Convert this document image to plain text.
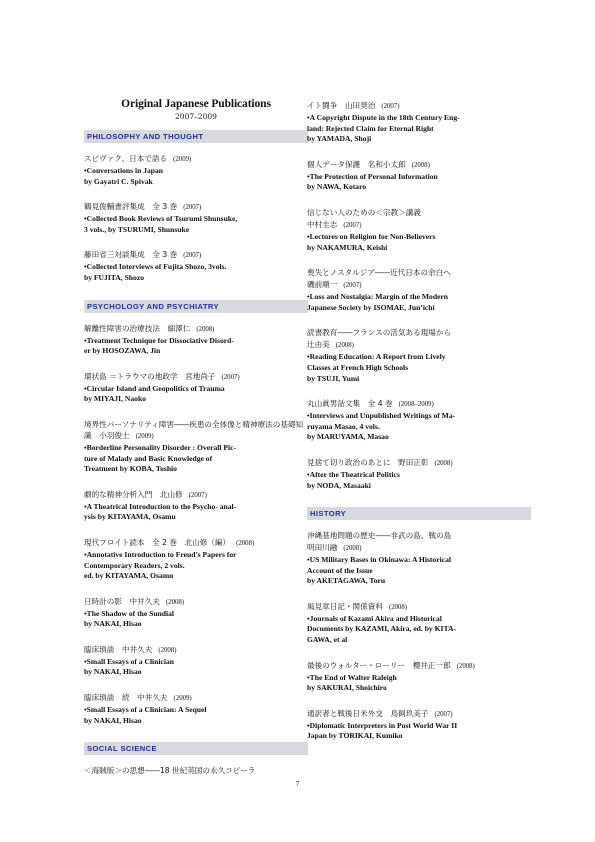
Original Japanese Publications
2007–2009
PHILOSOPHY AND THOUGHT
スピヴァク、日本で語る (2009)
•Conversations in Japan
by Gayatri C. Spivak
鶴見俊輔書評集成　全 3 巻 (2007)
•Collected Book Reviews of Tsurumi Shunsuke,
3 vols., by TSURUMI, Shunsuke
藤田省三対談集成　全 3 巻 (2007)
•Collected Interviews of Fujita Shozo, 3vols.
by FUJITA, Shozo
PSYCHOLOGY AND PSYCHIATRY
解離性障害の治療技法　細澤仁 (2008)
•Treatment Technique for Dissociative Disord-
er by HOSOZAWA, Jin
環状島 ＝トラウマの地政学　宮地尚子 (2007)
•Circular Island and Geopolitics of Trauma
by MIYAJI, Naoko
境界性パーソナリティ障害――疾患の全体像と精神療法の基礎知識　小羽俊士 (2009)
•Borderline Personality Disorder : Overall Pic-
ture of Malady and Basic Knowledge of
Treatment by KOBA, Toshio
劇的な精神分析入門　北山修 (2007)
•A Theatrical Introduction to the Psycho- anal-
ysis by KITAYAMA, Osamu
現代フロイト読本　全 2 巻　北山修（編） (2008)
•Annotative Introduction to Freud’s Papers for
Contemporary Readers, 2 vols.
ed. by KITAYAMA, Osamu
日時計の影　中井久夫 (2008)
•The Shadow of the Sundial
by NAKAI, Hisao
臨床瑣談　中井久夫 (2008)
•Small Essays of a Clinician
by NAKAI, Hisao
臨床瑣談　続　中井久夫 (2009)
•Small Essays of a Clinician: A Sequel
by NAKAI, Hisao
SOCIAL SCIENCE
＜海賊版＞の思想――18 世紀英国の永久コピーラ
イト闘争　山田奨治 (2007)
•A Copyright Dispute in the 18th Century Eng-
land: Rejected Claim for Eternal Right
by YAMADA, Shoji
個人データ保護　名和小太郎 (2008)
•The Protection of Personal Information
by NAWA, Kotaro
信じない人のための＜宗教＞講義
中村圭志 (2007)
•Lectures on Religion for Non-Believers
by NAKAMURA, Keishi
喪失とノスタルジア――近代日本の余白へ
磯前順一 (2007)
•Loss and Nostalgia: Margin of the Modern
Japanese Society by ISOMAE, Jun’ichi
読書教育――フランスの活気ある現場から
辻由美 (2008)
•Reading Education: A Report from Lively
Classes at French High Schools
by TSUJI, Yumi
丸山眞男話文集　全 4 巻 (2008–2009)
•Interviews and Unpublished Writings of Ma-
ruyama Masao, 4 vols.
by MARUYAMA, Masao
見捨て切り政治のあとに　野田正彰 (2008)
•After the Theatrical Politics
by NODA, Masaaki
HISTORY
沖縄基地問題の歴史――非武の島、戦の島
明田川融 (2008)
•US Military Bases in Okinawa: A Historical
Account of the Issue
by AKETAGAWA, Toru
風見章日記・関係資料 (2008)
•Journals of Kazami Akira and Historical
Documents by KAZAMI, Akira, ed. by KITA-
GAWA, et al
最後のウォルター・ローリー　櫻井正一郎 (2008)
•The End of Walter Raleigh
by SAKURAI, Shoichiro
通訳者と戦後日米外交　鳥飼玖美子 (2007)
•Diplomatic Interpreters in Post World War II
Japan by TORIKAI, Kumiko
7
